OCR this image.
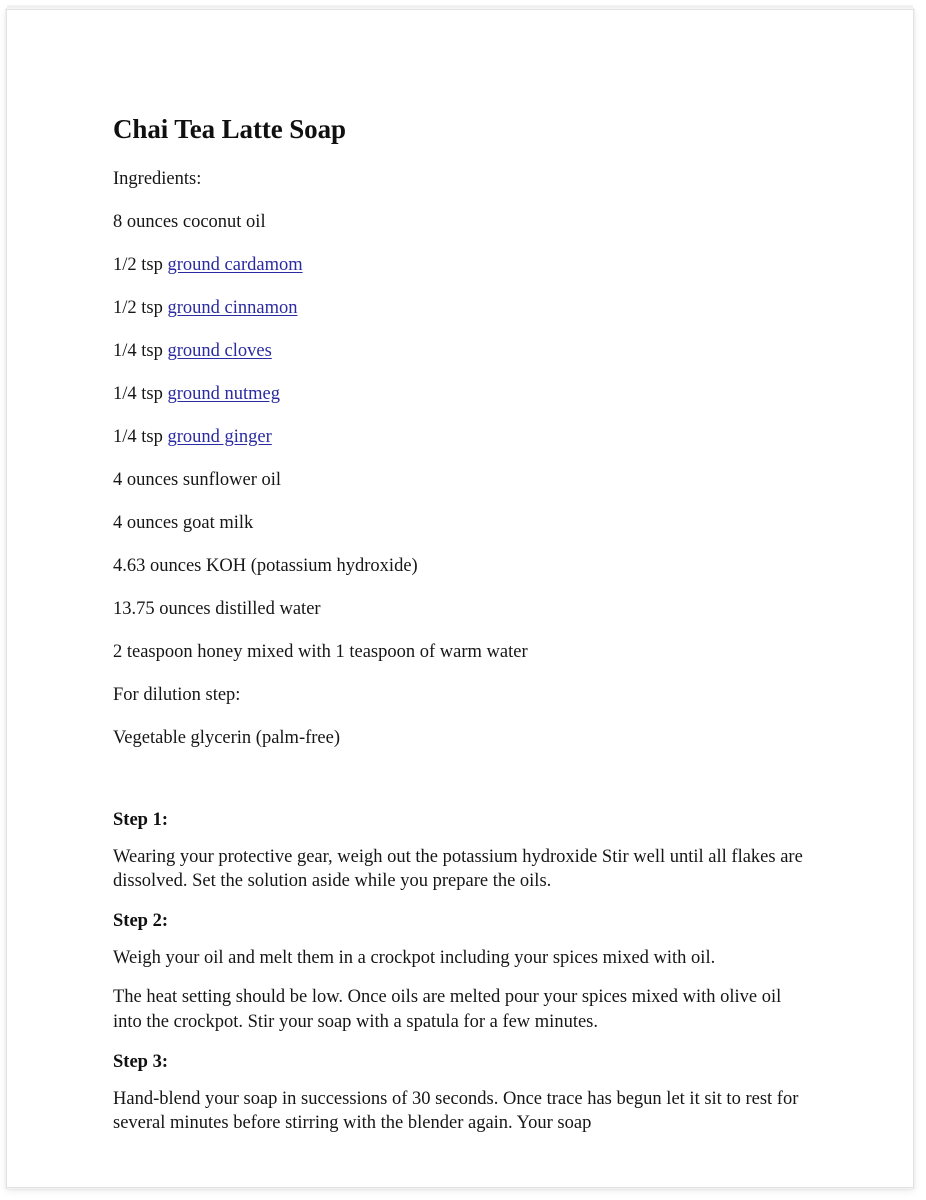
Chai Tea Latte Soap

Ingredients:

8 ounces coconut oil

1/2 tsp ground cardamom

1/2 tsp ground cinnamon

1/4 tsp ground cloves

1/4 tsp ground nutmeg

1/4 tsp ground ginger

4 ounces sunflower oil

4 ounces goat milk

4.63 ounces KOH (potassium hydroxide)

13.75 ounces distilled water

2 teaspoon honey mixed with 1 teaspoon of warm water

For dilution step:

Vegetable glycerin (palm-free)

Step 1:

Wearing your protective gear, weigh out the potassium hydroxide Stir well until all flakes are dissolved. Set the solution aside while you prepare the oils.

Step 2:

Weigh your oil and melt them in a crockpot including your spices mixed with oil.

The heat setting should be low. Once oils are melted pour your spices mixed with olive oil into the crockpot. Stir your soap with a spatula for a few minutes.

Step 3:

Hand-blend your soap in successions of 30 seconds. Once trace has begun let it sit to rest for several minutes before stirring with the blender again. Your soap
